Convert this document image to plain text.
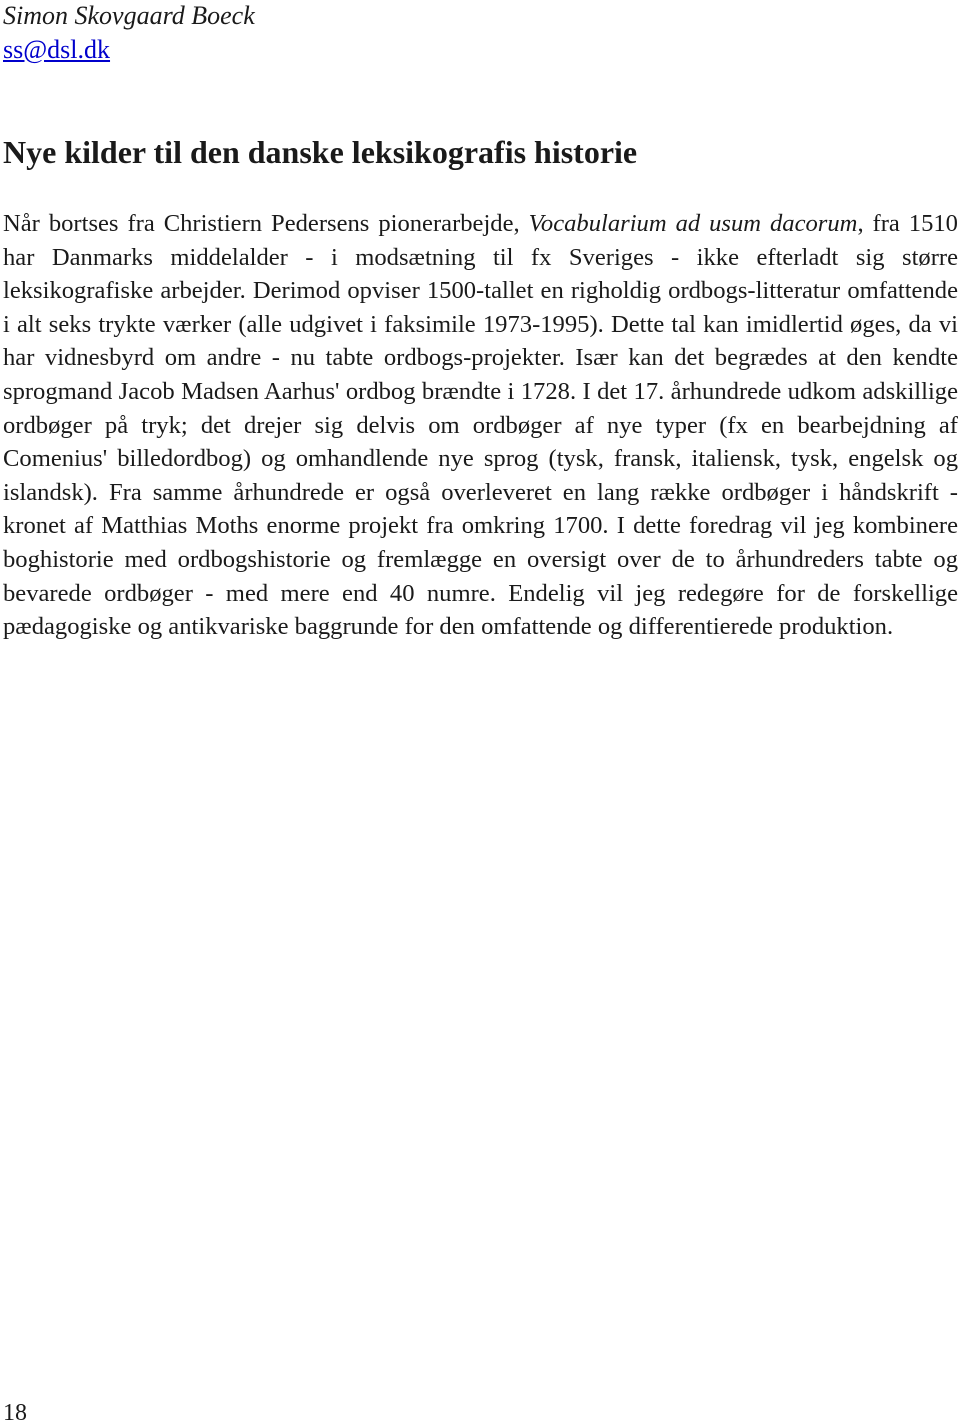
Simon Skovgaard Boeck
ss@dsl.dk
Nye kilder til den danske leksikografis historie

Når bortses fra Christiern Pedersens pionerarbejde, Vocabularium ad usum dacorum, fra 1510 har Danmarks middelalder - i modsætning til fx Sveriges - ikke efterladt sig større leksikografiske arbejder. Derimod opviser 1500-tallet en righoldig ordbogs-litteratur omfattende i alt seks trykte værker (alle udgivet i faksimile 1973-1995). Dette tal kan imidlertid øges, da vi har vidnesbyrd om andre - nu tabte ordbogs-projekter. Især kan det begrædes at den kendte sprogmand Jacob Madsen Aarhus' ordbog brændte i 1728. I det 17. århundrede udkom adskillige ordbøger på tryk; det drejer sig delvis om ordbøger af nye typer (fx en bearbejdning af Comenius' billedordbog) og omhandlende nye sprog (tysk, fransk, italiensk, tysk, engelsk og islandsk). Fra samme århundrede er også overleveret en lang række ordbøger i håndskrift - kronet af Matthias Moths enorme projekt fra omkring 1700. I dette foredrag vil jeg kombinere boghistorie med ordbogshistorie og fremlægge en oversigt over de to århundreders tabte og bevarede ordbøger - med mere end 40 numre. Endelig vil jeg redegøre for de forskellige pædagogiske og antikvariske baggrunde for den omfattende og differentierede produktion.

18
